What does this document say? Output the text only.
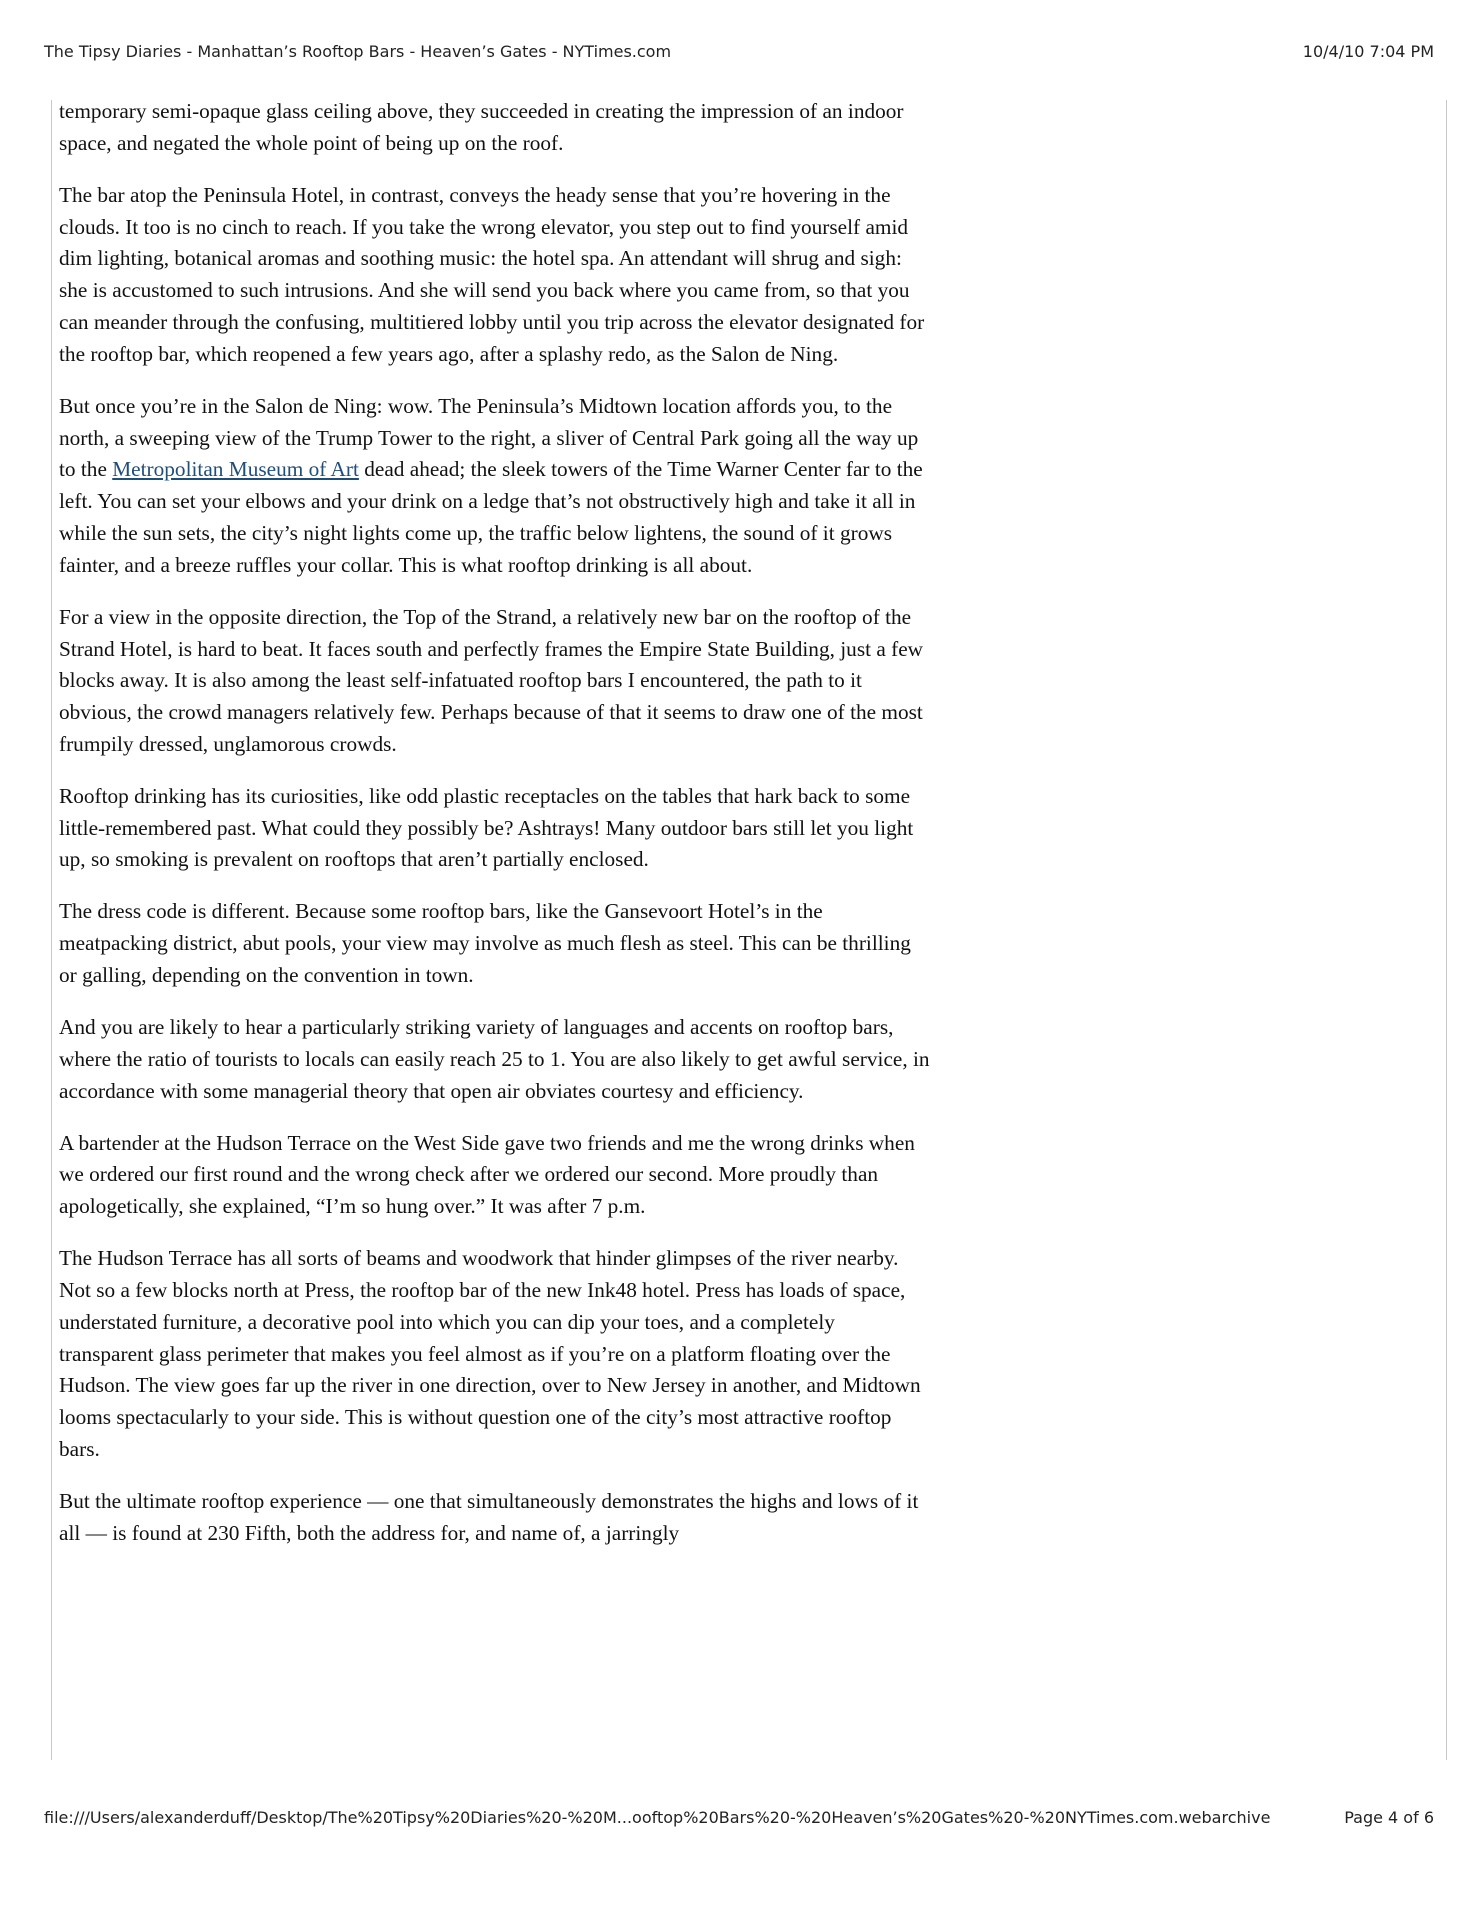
The Tipsy Diaries - Manhattan’s Rooftop Bars - Heaven’s Gates - NYTimes.com	10/4/10 7:04 PM

temporary semi-opaque glass ceiling above, they succeeded in creating the impression of an indoor space, and negated the whole point of being up on the roof.

The bar atop the Peninsula Hotel, in contrast, conveys the heady sense that you’re hovering in the clouds. It too is no cinch to reach. If you take the wrong elevator, you step out to find yourself amid dim lighting, botanical aromas and soothing music: the hotel spa. An attendant will shrug and sigh: she is accustomed to such intrusions. And she will send you back where you came from, so that you can meander through the confusing, multitiered lobby until you trip across the elevator designated for the rooftop bar, which reopened a few years ago, after a splashy redo, as the Salon de Ning.

But once you’re in the Salon de Ning: wow. The Peninsula’s Midtown location affords you, to the north, a sweeping view of the Trump Tower to the right, a sliver of Central Park going all the way up to the Metropolitan Museum of Art dead ahead; the sleek towers of the Time Warner Center far to the left. You can set your elbows and your drink on a ledge that’s not obstructively high and take it all in while the sun sets, the city’s night lights come up, the traffic below lightens, the sound of it grows fainter, and a breeze ruffles your collar. This is what rooftop drinking is all about.

For a view in the opposite direction, the Top of the Strand, a relatively new bar on the rooftop of the Strand Hotel, is hard to beat. It faces south and perfectly frames the Empire State Building, just a few blocks away. It is also among the least self-infatuated rooftop bars I encountered, the path to it obvious, the crowd managers relatively few. Perhaps because of that it seems to draw one of the most frumpily dressed, unglamorous crowds.

Rooftop drinking has its curiosities, like odd plastic receptacles on the tables that hark back to some little-remembered past. What could they possibly be? Ashtrays! Many outdoor bars still let you light up, so smoking is prevalent on rooftops that aren’t partially enclosed.

The dress code is different. Because some rooftop bars, like the Gansevoort Hotel’s in the meatpacking district, abut pools, your view may involve as much flesh as steel. This can be thrilling or galling, depending on the convention in town.

And you are likely to hear a particularly striking variety of languages and accents on rooftop bars, where the ratio of tourists to locals can easily reach 25 to 1. You are also likely to get awful service, in accordance with some managerial theory that open air obviates courtesy and efficiency.

A bartender at the Hudson Terrace on the West Side gave two friends and me the wrong drinks when we ordered our first round and the wrong check after we ordered our second. More proudly than apologetically, she explained, “I’m so hung over.” It was after 7 p.m.

The Hudson Terrace has all sorts of beams and woodwork that hinder glimpses of the river nearby. Not so a few blocks north at Press, the rooftop bar of the new Ink48 hotel. Press has loads of space, understated furniture, a decorative pool into which you can dip your toes, and a completely transparent glass perimeter that makes you feel almost as if you’re on a platform floating over the Hudson. The view goes far up the river in one direction, over to New Jersey in another, and Midtown looms spectacularly to your side. This is without question one of the city’s most attractive rooftop bars.

But the ultimate rooftop experience — one that simultaneously demonstrates the highs and lows of it all — is found at 230 Fifth, both the address for, and name of, a jarringly

file:///Users/alexanderduff/Desktop/The%20Tipsy%20Diaries%20-%20M...ooftop%20Bars%20-%20Heaven’s%20Gates%20-%20NYTimes.com.webarchive	Page 4 of 6
